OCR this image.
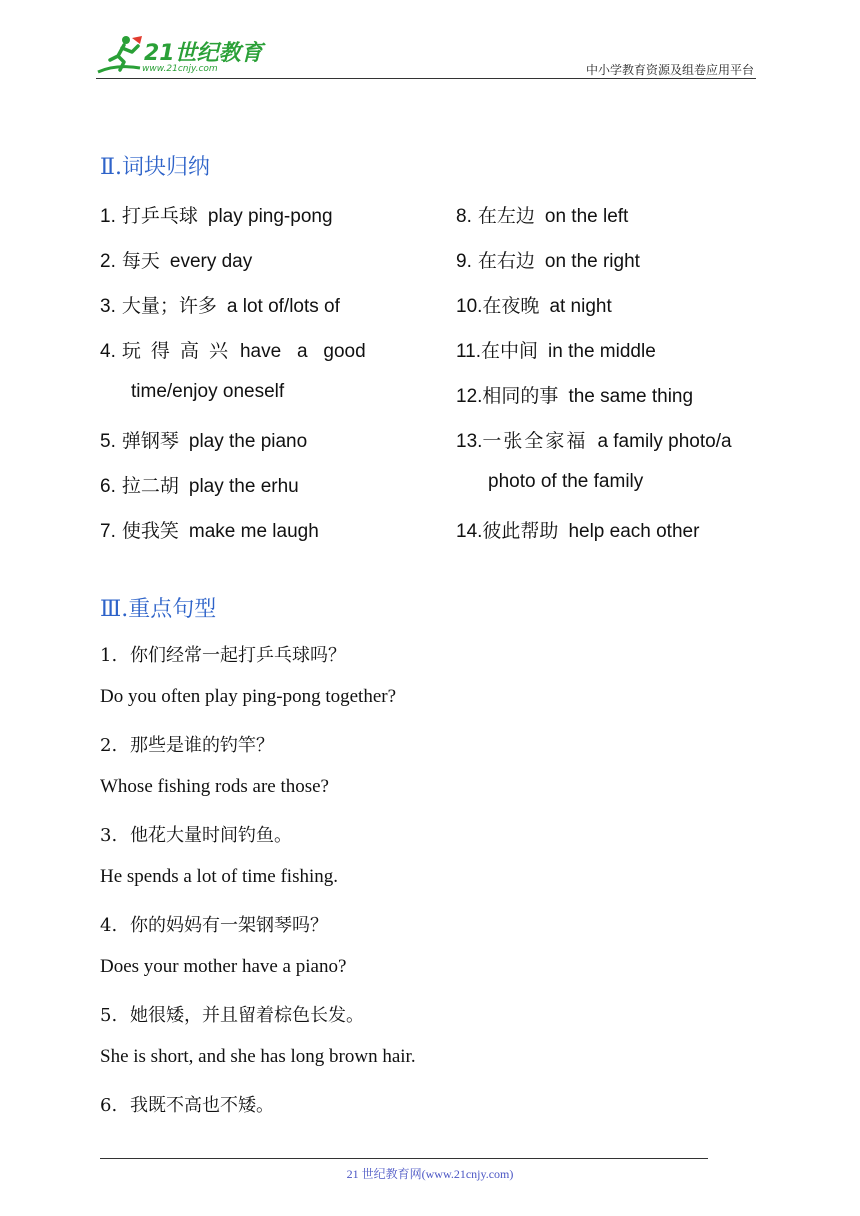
21世纪教育
www.21cnjy.com	中小学教育资源及组卷应用平台
Ⅱ.词块归纳
1. 打乒乓球 play ping-pong
2. 每天 every day
3. 大量；许多 a lot of/lots of
4. 玩 得 高 兴 have   a   good
time/enjoy oneself
5. 弹钢琴 play the piano
6. 拉二胡 play the erhu
7. 使我笑 make me laugh
8. 在左边 on the left
9. 在右边 on the right
10.在夜晚 at night
11.在中间 in the middle
12.相同的事 the same thing
13.一张全家福 a family photo/a
photo of the family
14.彼此帮助 help each other
Ⅲ.重点句型
1. 你们经常一起打乒乓球吗？
Do you often play ping-pong together?
2. 那些是谁的钓竿？
Whose fishing rods are those?
3. 他花大量时间钓鱼。
He spends a lot of time fishing.
4. 你的妈妈有一架钢琴吗？
Does your mother have a piano?
5. 她很矮，并且留着棕色长发。
She is short, and she has long brown hair.
6. 我既不高也不矮。
21 世纪教育网(www.21cnjy.com)
